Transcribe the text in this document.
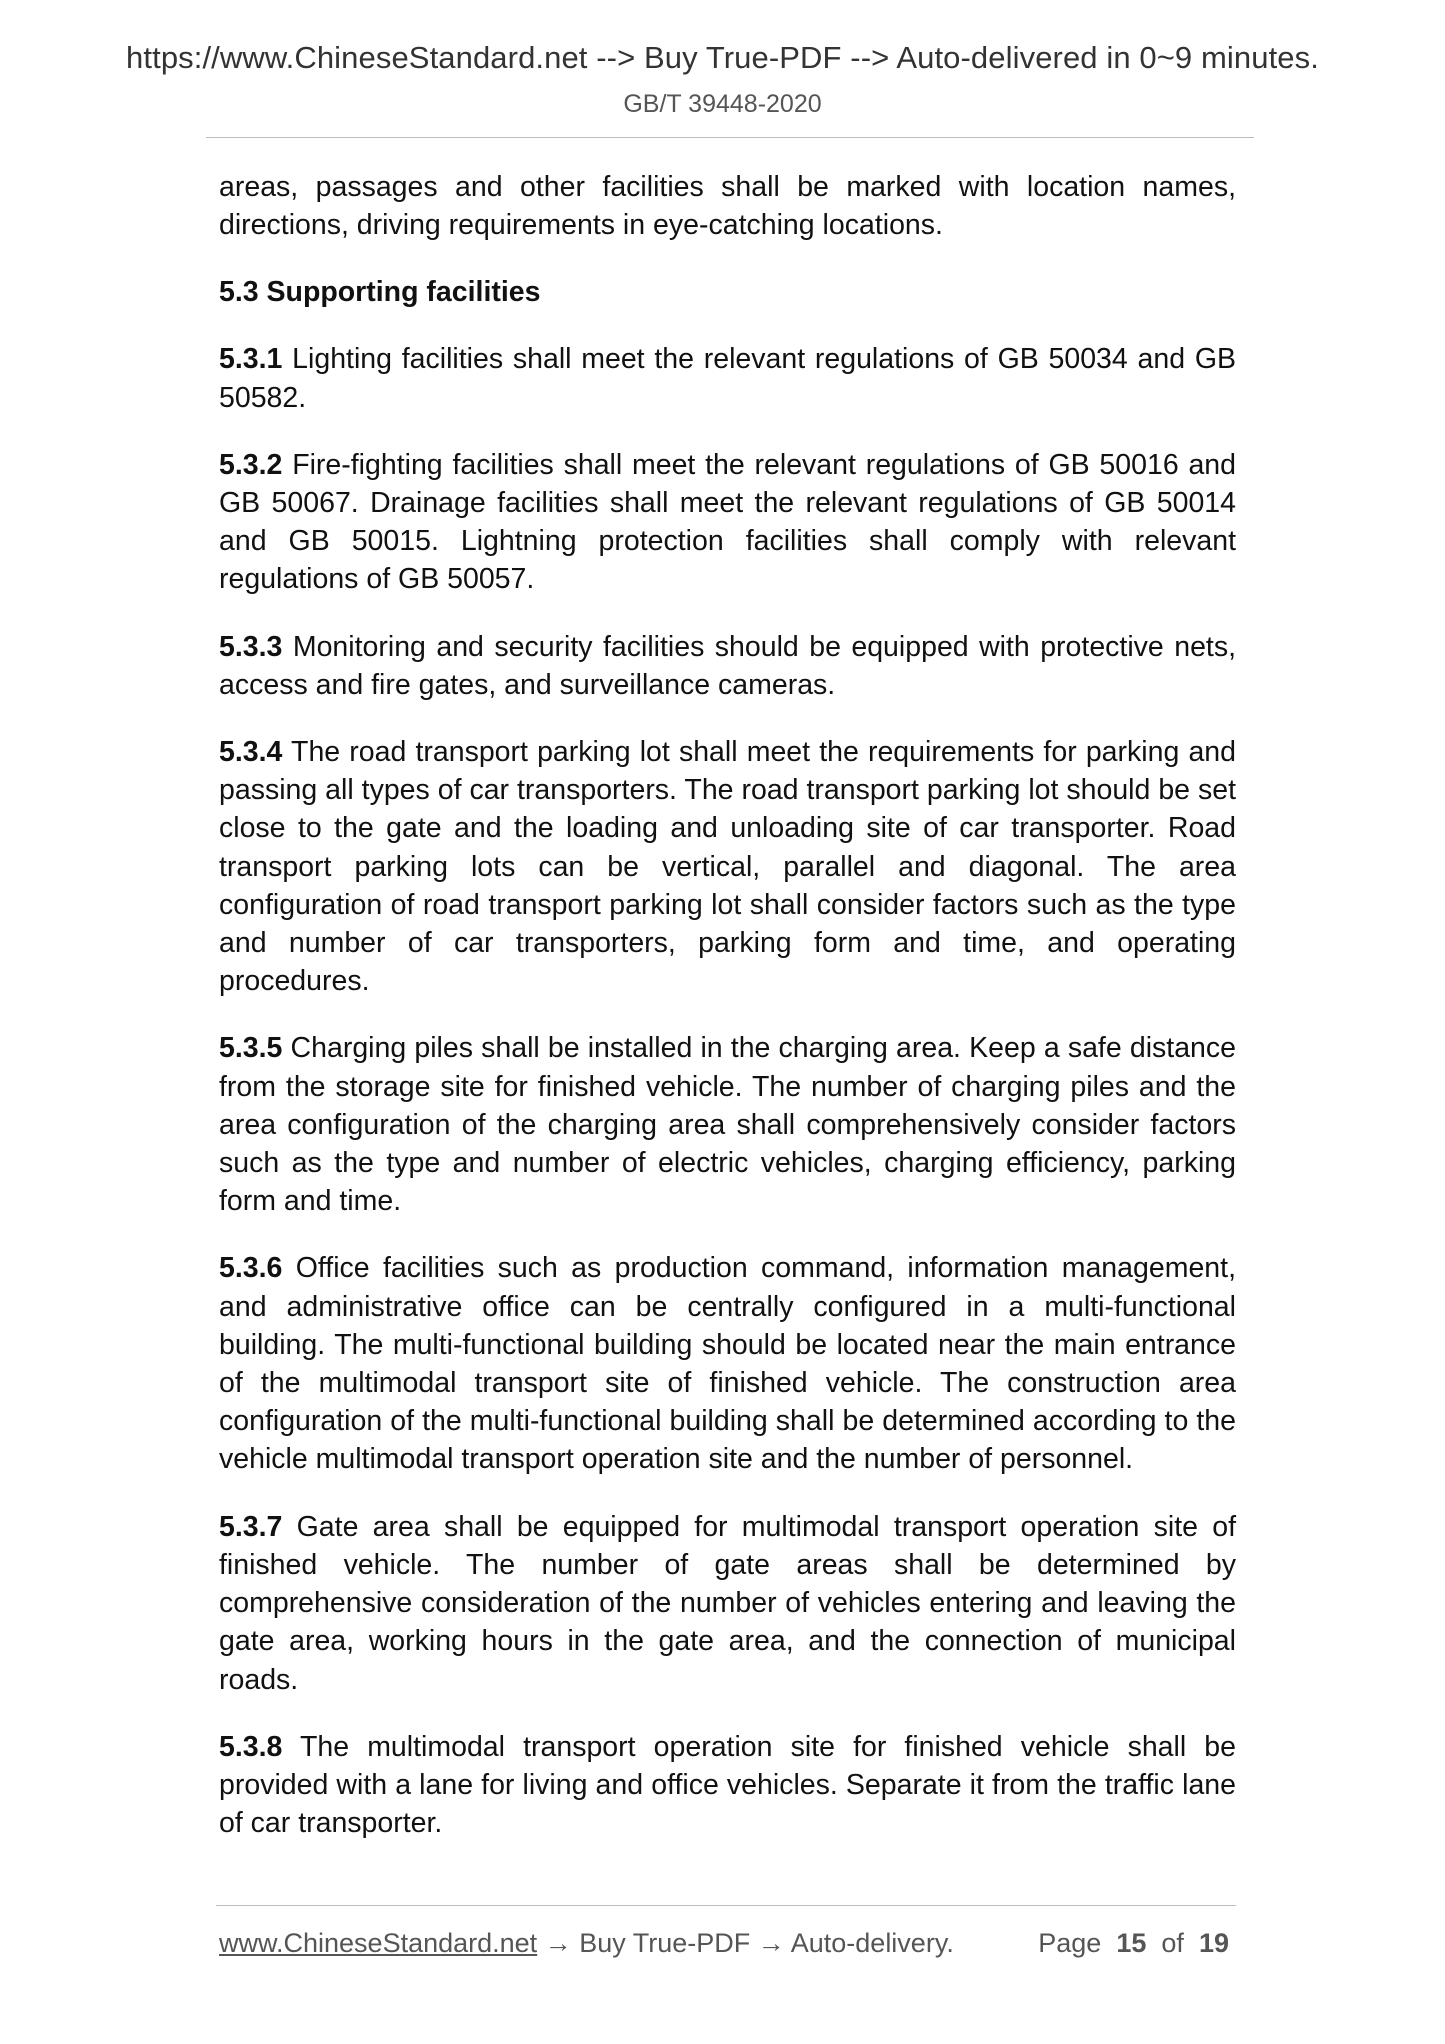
https://www.ChineseStandard.net --> Buy True-PDF --> Auto-delivered in 0~9 minutes.
GB/T 39448-2020

areas, passages and other facilities shall be marked with location names, directions, driving requirements in eye-catching locations.

5.3 Supporting facilities

5.3.1 Lighting facilities shall meet the relevant regulations of GB 50034 and GB 50582.

5.3.2 Fire-fighting facilities shall meet the relevant regulations of GB 50016 and GB 50067. Drainage facilities shall meet the relevant regulations of GB 50014 and GB 50015. Lightning protection facilities shall comply with relevant regulations of GB 50057.

5.3.3 Monitoring and security facilities should be equipped with protective nets, access and fire gates, and surveillance cameras.

5.3.4 The road transport parking lot shall meet the requirements for parking and passing all types of car transporters. The road transport parking lot should be set close to the gate and the loading and unloading site of car transporter. Road transport parking lots can be vertical, parallel and diagonal. The area configuration of road transport parking lot shall consider factors such as the type and number of car transporters, parking form and time, and operating procedures.

5.3.5 Charging piles shall be installed in the charging area. Keep a safe distance from the storage site for finished vehicle. The number of charging piles and the area configuration of the charging area shall comprehensively consider factors such as the type and number of electric vehicles, charging efficiency, parking form and time.

5.3.6 Office facilities such as production command, information management, and administrative office can be centrally configured in a multi-functional building. The multi-functional building should be located near the main entrance of the multimodal transport site of finished vehicle. The construction area configuration of the multi-functional building shall be determined according to the vehicle multimodal transport operation site and the number of personnel.

5.3.7 Gate area shall be equipped for multimodal transport operation site of finished vehicle. The number of gate areas shall be determined by comprehensive consideration of the number of vehicles entering and leaving the gate area, working hours in the gate area, and the connection of municipal roads.

5.3.8 The multimodal transport operation site for finished vehicle shall be provided with a lane for living and office vehicles. Separate it from the traffic lane of car transporter.

www.ChineseStandard.net → Buy True-PDF → Auto-delivery.	Page 15 of 19
